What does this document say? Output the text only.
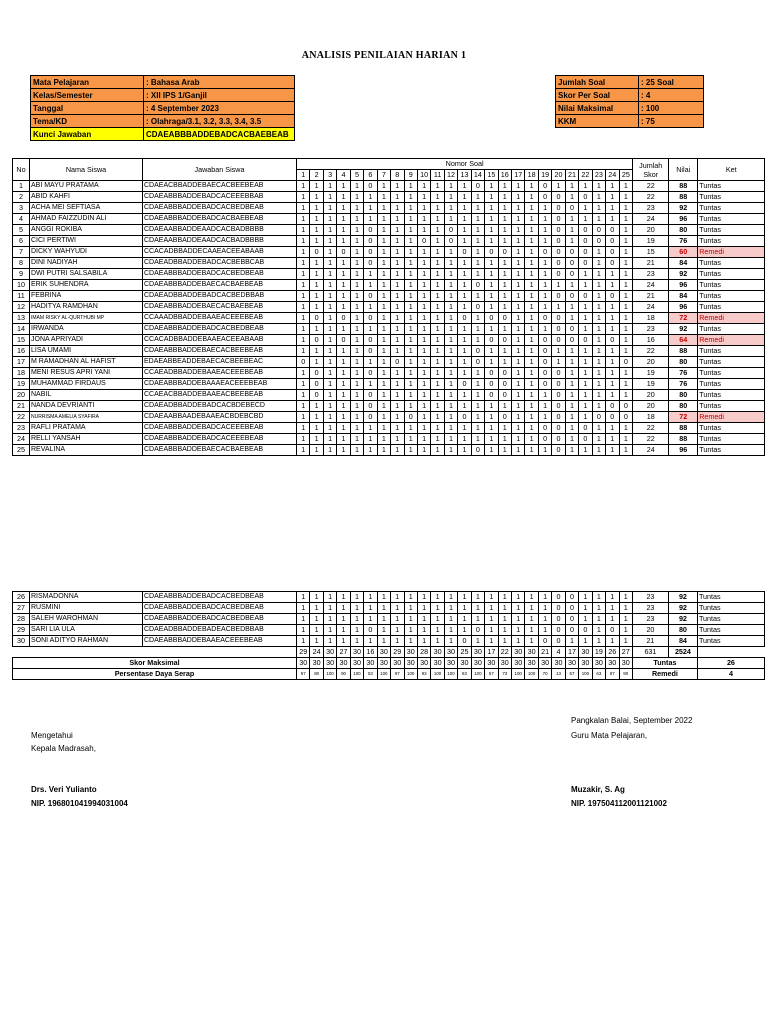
ANALISIS PENILAIAN HARIAN 1
Mata Pelajaran	: Bahasa Arab
Kelas/Semester	: XII IPS 1/Ganjil
Tanggal	: 4 September 2023
Tema/KD	: Olahraga/3.1, 3.2, 3.3, 3.4, 3.5
Kunci Jawaban	CDAEABBBADDEBADCACBAEBEAB
Jumlah Soal	: 25 Soal
Skor Per Soal	: 4
Nilai Maksimal	: 100
KKM	: 75
No	Nama Siswa	Jawaban Siswa	Nomor Soal																									Jumlah Skor	Nilai	Ket
			1	2	3	4	5	6	7	8	9	10	11	12	13	14	15	16	17	18	19	20	21	22	23	24	25			
1	ABI MAYU PRATAMA	CDAEACBBADDEBAECACBEEBEAB	1	1	1	1	1	0	1	1	1	1	1	1	1	0	1	1	1	1	0	1	1	1	1	1	1	22	88	Tuntas
2	ABID KAHFI	CDAEABBBADDEBADCACEEEBBAB	1	1	1	1	1	1	1	1	1	1	1	1	1	1	1	1	1	1	0	0	1	0	1	1	1	22	88	Tuntas
3	ACHA MEI SEFTIASA	CDAEABBBADDEBADCACBEDBEAB	1	1	1	1	1	1	1	1	1	1	1	1	1	1	1	1	1	1	1	0	0	1	1	1	1	23	92	Tuntas
4	AHMAD FAIZZUDIN ALI	CDAEABBBADDEBADCACBAEBEAB	1	1	1	1	1	1	1	1	1	1	1	1	1	1	1	1	1	1	1	0	1	1	1	1	1	24	96	Tuntas
5	ANGGI ROKIBA	CDAEAABBADDEAADCACBADBBBB	1	1	1	1	1	0	1	1	1	1	1	0	1	1	1	1	1	1	1	0	1	0	0	0	1	20	80	Tuntas
6	CICI PERTIWI	CDAEAABBADDEAADCACBADBBBB	1	1	1	1	1	0	1	1	1	0	1	0	1	1	1	1	1	1	1	0	1	0	0	0	1	19	76	Tuntas
7	DICKY WAHYUDI	CCACADBBADDECAAEACEEABAAB	1	0	1	0	1	0	1	1	1	1	1	1	0	1	0	0	1	1	0	0	0	0	1	0	1	15	60	Remedi
8	DINI NADIYAH	CDAEADBBADDEBADCACBEBBCAB	1	1	1	1	1	0	1	1	1	1	1	1	1	1	1	1	1	1	1	0	0	0	1	0	1	21	84	Tuntas
9	DWI PUTRI SALSABILA	CDAEABBBADDEBADCACBEDBEAB	1	1	1	1	1	1	1	1	1	1	1	1	1	1	1	1	1	1	1	0	0	1	1	1	1	23	92	Tuntas
10	ERIK SUHENDRA	CDAEABBBADDEBAECACBAEBEAB	1	1	1	1	1	1	1	1	1	1	1	1	1	0	1	1	1	1	1	1	1	1	1	1	1	24	96	Tuntas
11	FEBRINA	CDAEADBBADDEBADCACBEDBBAB	1	1	1	1	1	0	1	1	1	1	1	1	1	1	1	1	1	1	1	0	0	0	1	0	1	21	84	Tuntas
12	HADITYA RAMDHAN	CDAEABBBADDEBAECACBAEBEAB	1	1	1	1	1	1	1	1	1	1	1	1	1	0	1	1	1	1	1	1	1	1	1	1	1	24	96	Tuntas
13	IMAM RISKY AL-QURTHUBI MP	CCAAADBBADDEBAAEACEEEBEAB	1	0	1	0	1	0	1	1	1	1	1	1	0	1	0	0	1	1	0	0	1	1	1	1	1	18	72	Remedi
14	IRWANDA	CDAEABBBADDEBADCACBEDBEAB	1	1	1	1	1	1	1	1	1	1	1	1	1	1	1	1	1	1	1	0	0	1	1	1	1	23	92	Tuntas
15	JONA APRIYADI	CCACADBBADDEBAAEACEEABAAB	1	0	1	0	1	0	1	1	1	1	1	1	1	1	0	0	1	1	0	0	0	0	1	0	1	16	64	Remedi
16	LISA UMAMI	CDAEABBBADDEBAECACBEEBEAB	1	1	1	1	1	0	1	1	1	1	1	1	1	0	1	1	1	1	0	1	1	1	1	1	1	22	88	Tuntas
17	M RAMADHAN AL HAFIST	EDAEABBEADDEBAECACBEEBEAC	0	1	1	1	1	1	1	0	1	1	1	1	1	0	1	1	1	1	0	1	1	1	1	1	0	20	80	Tuntas
18	MENI RESUS APRI YANI	CCAEADBBADDEBAAEACEEEBEAB	1	0	1	1	1	0	1	1	1	1	1	1	1	1	0	0	1	1	0	0	1	1	1	1	1	19	76	Tuntas
19	MUHAMMAD FIRDAUS	CDAEABBBADDEBAAAEACEEEBEAB	1	0	1	1	1	1	1	1	1	1	1	1	0	1	0	0	1	1	0	0	1	1	1	1	1	19	76	Tuntas
20	NABIL	CCAEACBBADDEBAAEACBEEBEAB	1	0	1	1	1	0	1	1	1	1	1	1	1	1	0	0	1	1	1	0	1	1	1	1	1	20	80	Tuntas
21	NANDA DEVRIANTI	CDAEADBBADDEBADCACBDEBECD	1	1	1	1	1	0	1	1	1	1	1	1	1	1	1	1	1	1	1	0	1	1	1	0	0	20	80	Tuntas
22	NURRISMA AMELIA SYAFIRA	CDAEAABBAADEBAAEACBDEBCBD	1	1	1	1	1	0	1	1	0	1	1	1	0	1	1	0	1	1	1	0	1	1	0	0	0	18	72	Remedi
23	RAFLI PRATAMA	CDAEABBBADDEBADCACEEEBEAB	1	1	1	1	1	1	1	1	1	1	1	1	1	1	1	1	1	1	0	0	1	0	1	1	1	22	88	Tuntas
24	RELLI YANSAH	CDAEABBBADDEBADCACEEEBEAB	1	1	1	1	1	1	1	1	1	1	1	1	1	1	1	1	1	1	0	0	1	0	1	1	1	22	88	Tuntas
25	REVALINA	CDAEABBBADDEBAECACBAEBEAB	1	1	1	1	1	1	1	1	1	1	1	1	1	0	1	1	1	1	1	0	1	1	1	1	1	24	96	Tuntas
26	RISMADONNA	CDAEABBBADDEBADCACBEDBEAB	1	1	1	1	1	1	1	1	1	1	1	1	1	1	1	1	1	1	1	0	0	1	1	1	1	23	92	Tuntas
27	RUSMINI	CDAEABBBADDEBADCACBEDBEAB	1	1	1	1	1	1	1	1	1	1	1	1	1	1	1	1	1	1	1	0	0	1	1	1	1	23	92	Tuntas
28	SALEH WAROHMAN	CDAEABBBADDEBADCACBEDBEAB	1	1	1	1	1	1	1	1	1	1	1	1	1	1	1	1	1	1	1	0	0	1	1	1	1	23	92	Tuntas
29	SARI LIA ULA	CDAEADBBADDEBADEACBEDBBAB	1	1	1	1	1	0	1	1	1	1	1	1	1	0	1	1	1	1	1	0	0	0	1	0	1	20	80	Tuntas
30	SONI ADITYO RAHMAN	CDAEABBBADDEBAAEACEEEBEAB	1	1	1	1	1	1	1	1	1	1	1	1	0	1	1	1	1	1	0	0	1	1	1	1	1	21	84	Tuntas
			29	24	30	27	30	16	30	29	30	28	30	30	25	30	17	22	30	30	21	4	17	30	19	26	27	631	2524	
Skor Maksimal			30	30	30	30	30	30	30	30	30	30	30	30	30	30	30	30	30	30	30	30	30	30	30	30	30	Tuntas		26
Persentase Daya Serap			97	80	100	90	100	53	100	97	100	93	100	100	83	100	57	73	100	100	70	13	57	100	63	87	90	Remedi		4
Pangkalan Balai, September 2022
Guru Mata Pelajaran,
Mengetahui
Kepala Madrasah,
Drs. Veri Yulianto
NIP. 196801041994031004
Muzakir, S. Ag
NIP. 197504112001121002
